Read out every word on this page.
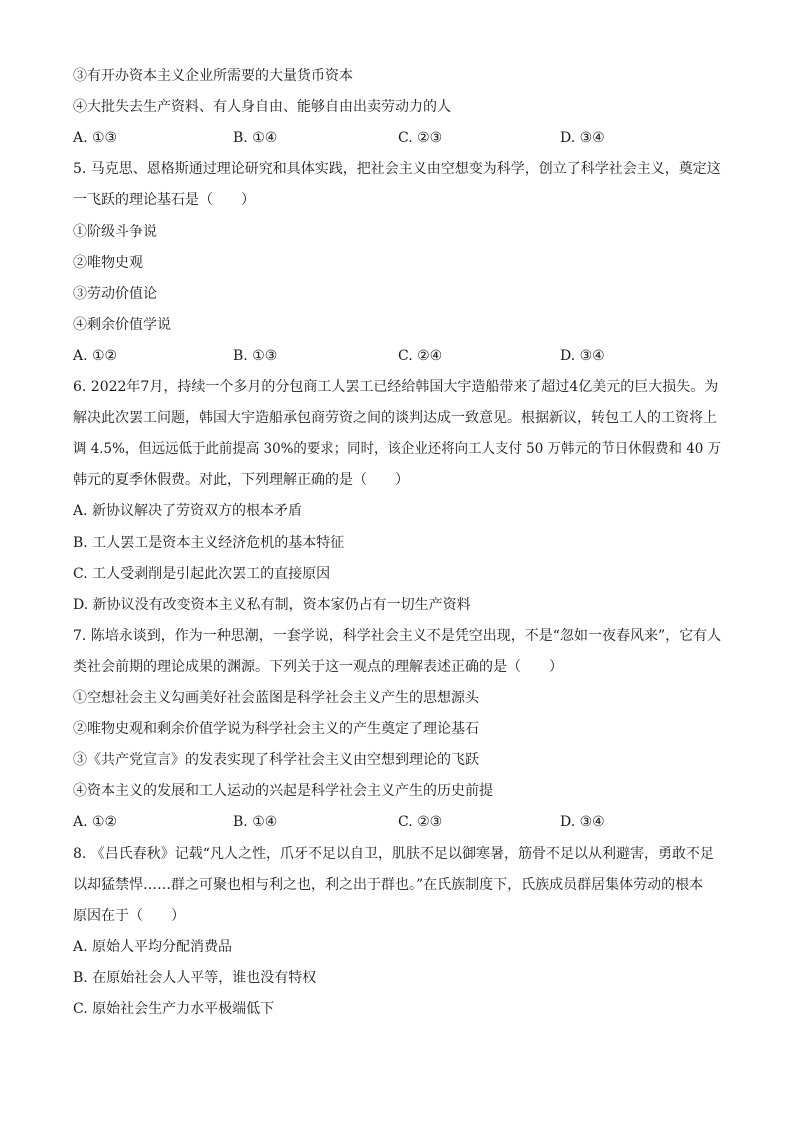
③有开办资本主义企业所需要的大量货币资本
④大批失去生产资料、有人身自由、能够自由出卖劳动力的人
A. ①③	B. ①④	C. ②③	D. ③④
5. 马克思、恩格斯通过理论研究和具体实践，把社会主义由空想变为科学，创立了科学社会主义，奠定这
一飞跃的理论基石是（　　）
①阶级斗争说
②唯物史观
③劳动价值论
④剩余价值学说
A. ①②	B. ①③	C. ②④	D. ③④
6. 2022年7月，持续一个多月的分包商工人罢工已经给韩国大宇造船带来了超过4亿美元的巨大损失。为
解决此次罢工问题，韩国大宇造船承包商劳资之间的谈判达成一致意见。根据新议，转包工人的工资将上
调 4.5%，但远远低于此前提高 30%的要求；同时，该企业还将向工人支付 50 万韩元的节日休假费和 40 万
韩元的夏季休假费。对此，下列理解正确的是（　　）
A. 新协议解决了劳资双方的根本矛盾
B. 工人罢工是资本主义经济危机的基本特征
C. 工人受剥削是引起此次罢工的直接原因
D. 新协议没有改变资本主义私有制，资本家仍占有一切生产资料
7. 陈培永谈到，作为一种思潮，一套学说，科学社会主义不是凭空出现，不是“忽如一夜春风来”，它有人
类社会前期的理论成果的渊源。下列关于这一观点的理解表述正确的是（　　）
①空想社会主义勾画美好社会蓝图是科学社会主义产生的思想源头
②唯物史观和剩余价值学说为科学社会主义的产生奠定了理论基石
③《共产党宣言》的发表实现了科学社会主义由空想到理论的飞跃
④资本主义的发展和工人运动的兴起是科学社会主义产生的历史前提
A. ①②	B. ①④	C. ②③	D. ③④
8. 《吕氏春秋》记载“凡人之性，爪牙不足以自卫，肌肤不足以御寒暑，筋骨不足以从利避害，勇敢不足
以却猛禁悍……群之可聚也相与利之也，利之出于群也。”在氏族制度下，氏族成员群居集体劳动的根本
原因在于（　　）
A. 原始人平均分配消费品
B. 在原始社会人人平等，谁也没有特权
C. 原始社会生产力水平极端低下
